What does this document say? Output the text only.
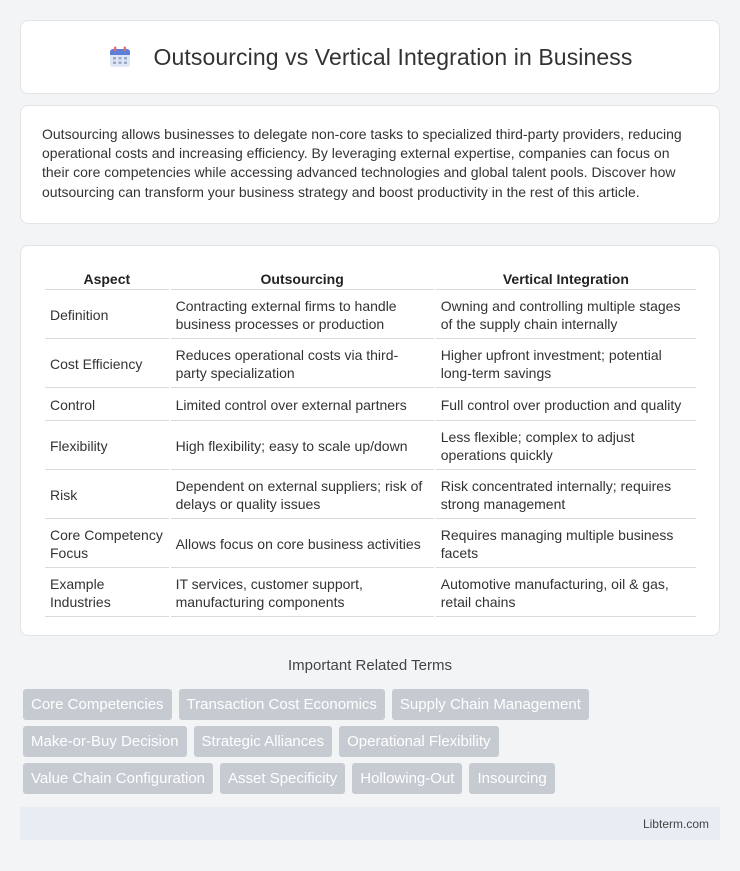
Outsourcing vs Vertical Integration in Business

Outsourcing allows businesses to delegate non-core tasks to specialized third-party providers, reducing operational costs and increasing efficiency. By leveraging external expertise, companies can focus on their core competencies while accessing advanced technologies and global talent pools. Discover how outsourcing can transform your business strategy and boost productivity in the rest of this article.

Aspect	Outsourcing	Vertical Integration
Definition	Contracting external firms to handle business processes or production	Owning and controlling multiple stages of the supply chain internally
Cost Efficiency	Reduces operational costs via third-party specialization	Higher upfront investment; potential long-term savings
Control	Limited control over external partners	Full control over production and quality
Flexibility	High flexibility; easy to scale up/down	Less flexible; complex to adjust operations quickly
Risk	Dependent on external suppliers; risk of delays or quality issues	Risk concentrated internally; requires strong management
Core Competency Focus	Allows focus on core business activities	Requires managing multiple business facets
Example Industries	IT services, customer support, manufacturing components	Automotive manufacturing, oil & gas, retail chains
Important Related Terms
Core Competencies	Transaction Cost Economics	Supply Chain Management
Make-or-Buy Decision	Strategic Alliances	Operational Flexibility
Value Chain Configuration	Asset Specificity	Hollowing-Out	Insourcing
Libterm.com
